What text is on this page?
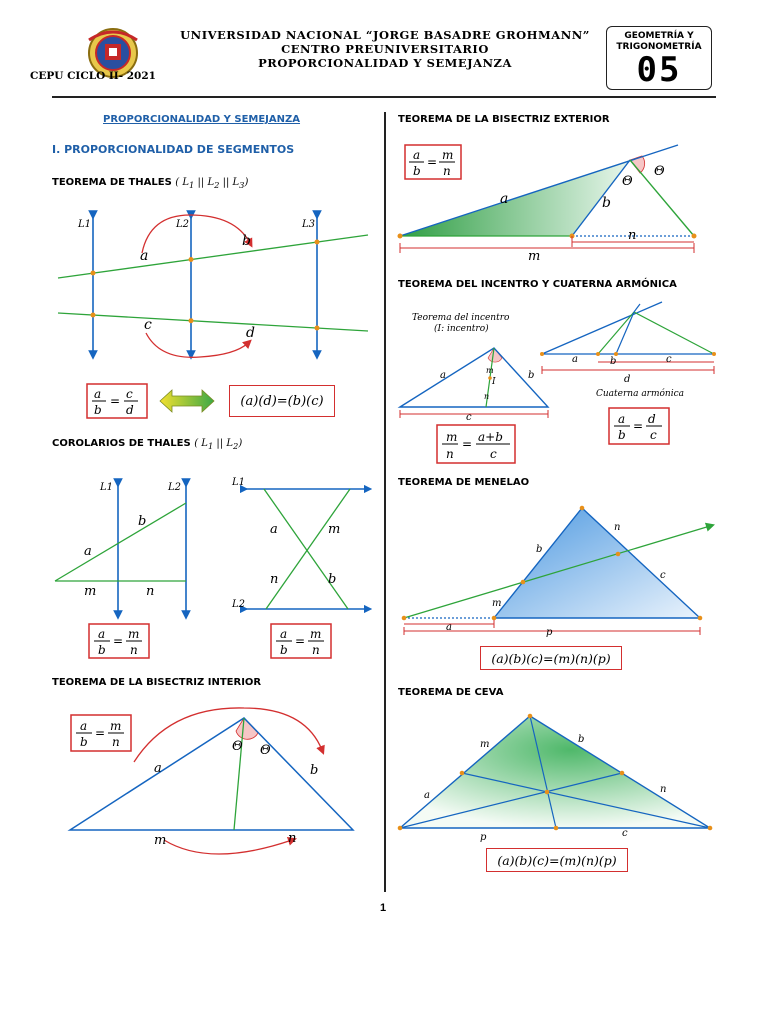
CEPU CICLO II- 2021
UNIVERSIDAD NACIONAL “JORGE BASADRE GROHMANN”
CENTRO PREUNIVERSITARIO
PROPORCIONALIDAD Y SEMEJANZA
GEOMETRÍA Y
TRIGONOMETRÍA
05
PROPORCIONALIDAD Y SEMEJANZA
I. PROPORCIONALIDAD DE SEGMENTOS
TEOREMA DE THALES ( $L_1$ || $L_2$ || $L_3$)
COROLARIOS DE THALES ( $L_1$ || $L_2$)
TEOREMA DE LA BISECTRIZ INTERIOR
TEOREMA DE LA BISECTRIZ EXTERIOR
TEOREMA DEL INCENTRO Y CUATERNA ARMÓNICA
TEOREMA DE MENELAO
TEOREMA DE CEVA
L1	L2	L3
a
b
c	d
a
b
= c
d
(a)(d)=(b)(c)
L1	L2
a
b
m	n
L1
L2
a	m
n	b
a
b
= m
n
a
b
= m
n
Θ Θ
a	b
m	n
a
b
= m
n
Θ
Θ
a	b
m
n
a
b
= m
n
Teorema del incentro
(I: incentro)
a	b
m
I
n
c
a	b	c
d
Cuaterna armónica
m
n
= a+b
c
a
b
= d
c
b
n
c
m
a	p
(a)(b)(c)=(m)(n)(p)
m	b
a
n
p	c
(a)(b)(c)=(m)(n)(p)
1
